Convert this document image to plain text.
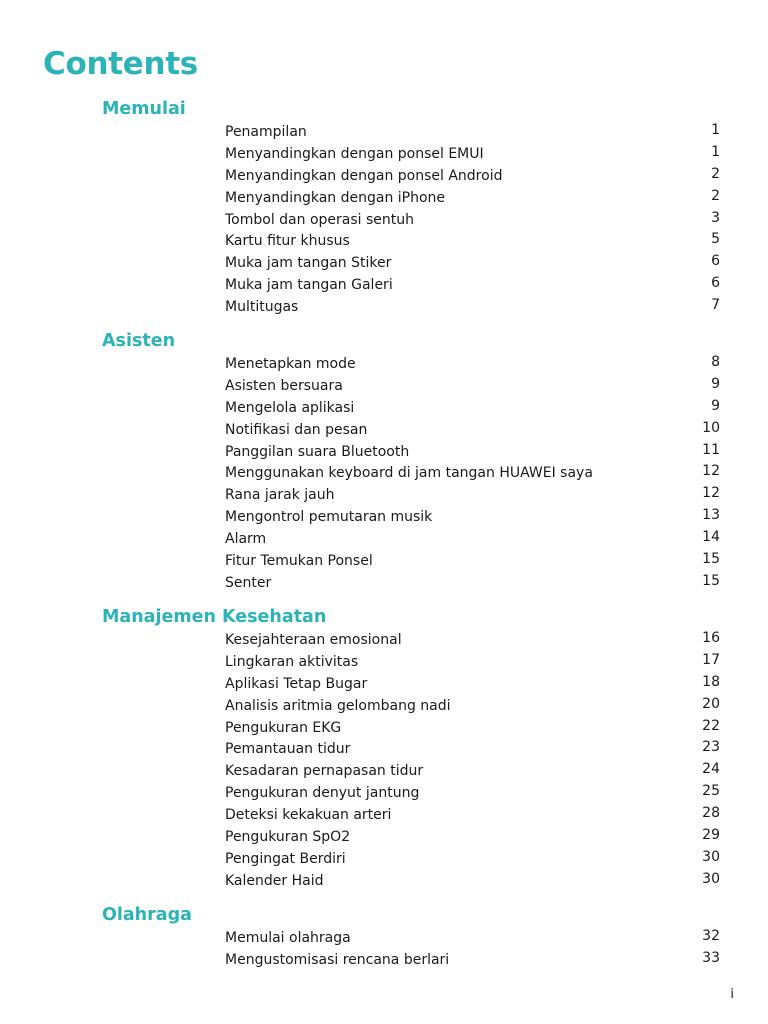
Contents
Memulai
Penampilan	1
Menyandingkan dengan ponsel EMUI	1
Menyandingkan dengan ponsel Android	2
Menyandingkan dengan iPhone	2
Tombol dan operasi sentuh	3
Kartu fitur khusus	5
Muka jam tangan Stiker	6
Muka jam tangan Galeri	6
Multitugas	7
Asisten
Menetapkan mode	8
Asisten bersuara	9
Mengelola aplikasi	9
Notifikasi dan pesan	10
Panggilan suara Bluetooth	11
Menggunakan keyboard di jam tangan HUAWEI saya	12
Rana jarak jauh	12
Mengontrol pemutaran musik	13
Alarm	14
Fitur Temukan Ponsel	15
Senter	15
Manajemen Kesehatan
Kesejahteraan emosional	16
Lingkaran aktivitas	17
Aplikasi Tetap Bugar	18
Analisis aritmia gelombang nadi	20
Pengukuran EKG	22
Pemantauan tidur	23
Kesadaran pernapasan tidur	24
Pengukuran denyut jantung	25
Deteksi kekakuan arteri	28
Pengukuran SpO2	29
Pengingat Berdiri	30
Kalender Haid	30
Olahraga
Memulai olahraga	32
Mengustomisasi rencana berlari	33
i
